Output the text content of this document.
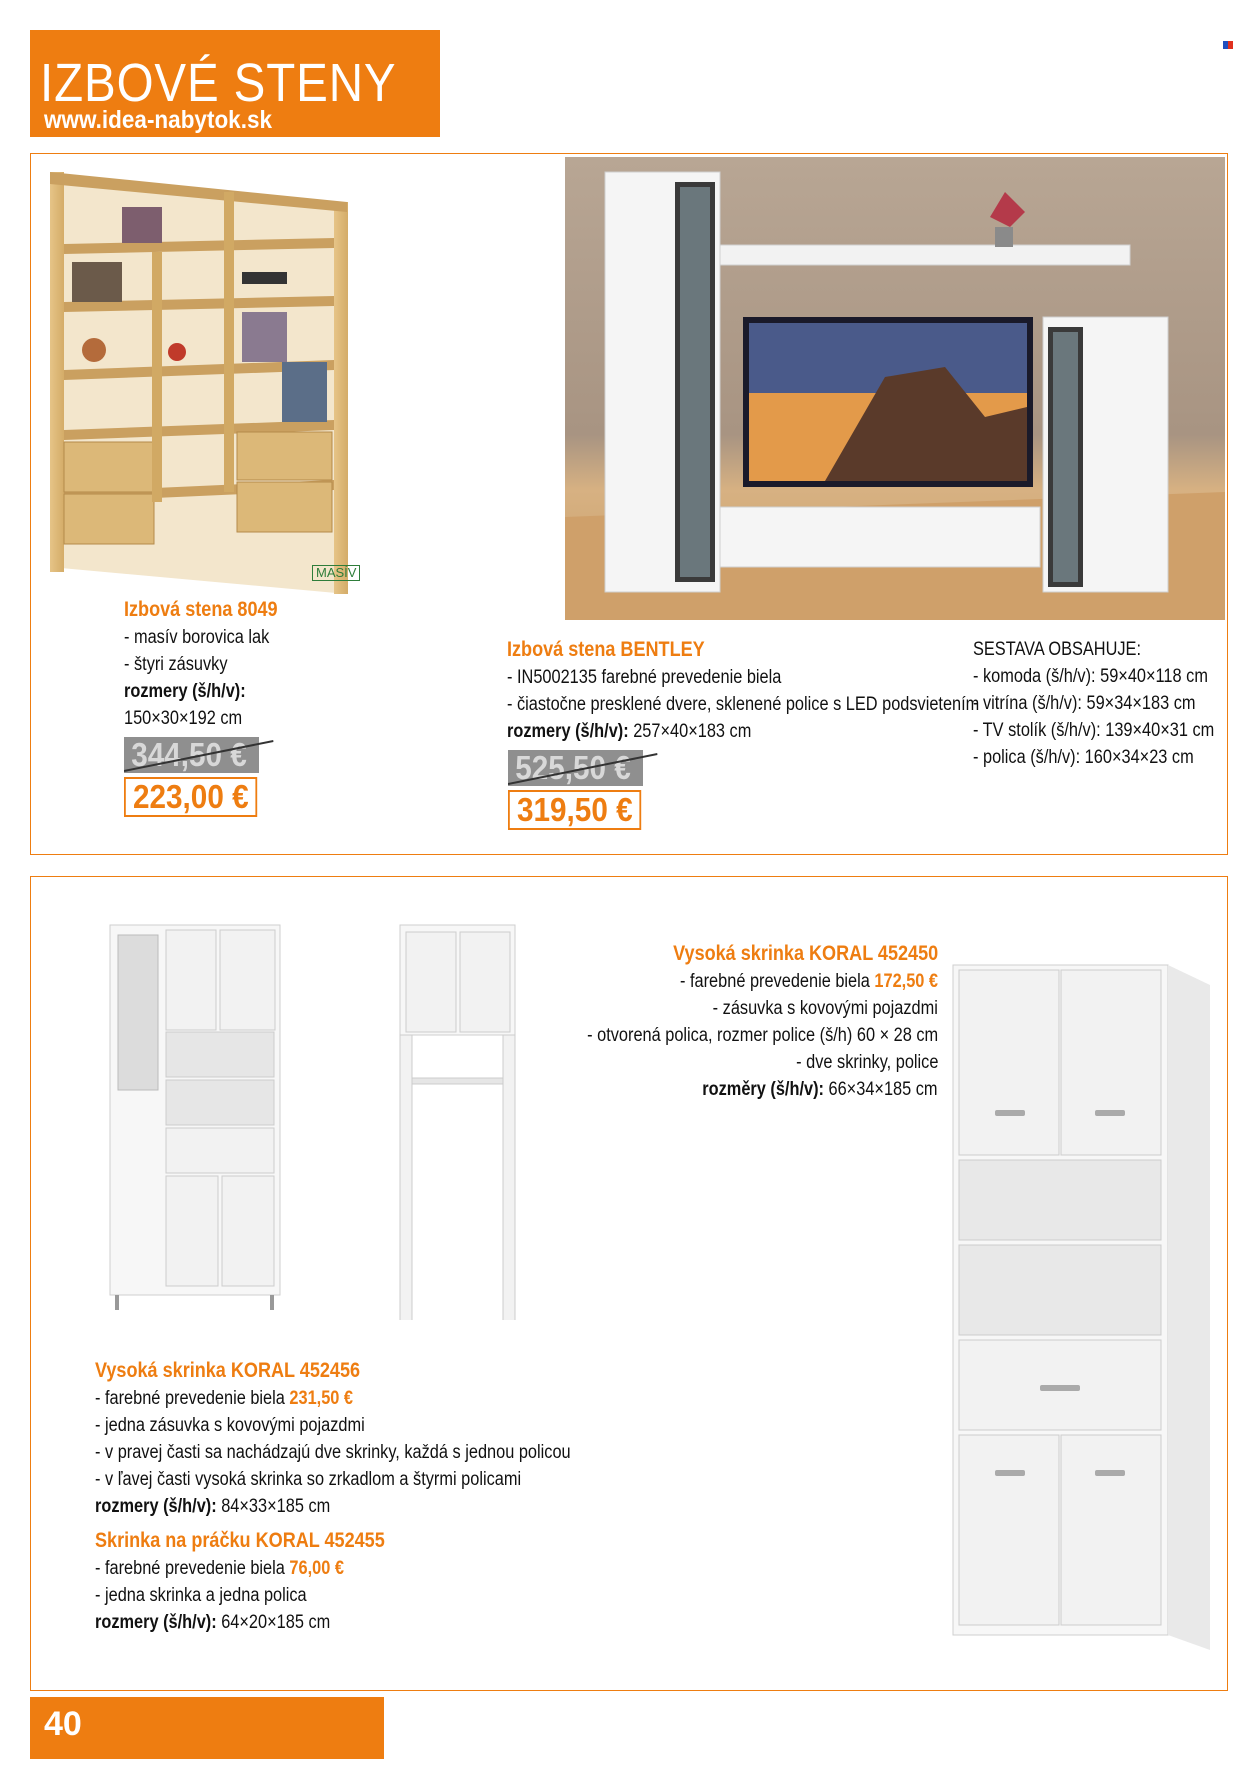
IZBOVÉ STENY
www.idea-nabytok.sk
MASÍV
Izbová stena 8049
- masív borovica lak
- štyri zásuvky
rozmery (š/h/v):
150×30×192 cm
344,50 €
223,00 €
Izbová stena BENTLEY
- IN5002135 farebné prevedenie biela
- čiastočne presklené dvere, sklenené police s LED podsvietením
rozmery (š/h/v): 257×40×183 cm
525,50 €
319,50 €
SESTAVA OBSAHUJE:
- komoda (š/h/v): 59×40×118 cm
- vitrína (š/h/v): 59×34×183 cm
- TV stolík (š/h/v): 139×40×31 cm
- polica (š/h/v): 160×34×23 cm
Vysoká skrinka KORAL 452450
- farebné prevedenie biela 172,50 €
- zásuvka s kovovými pojazdmi
- otvorená polica, rozmer police (š/h) 60 × 28 cm
- dve skrinky, police
rozměry (š/h/v): 66×34×185 cm
Vysoká skrinka KORAL 452456
- farebné prevedenie biela 231,50 €
- jedna zásuvka s kovovými pojazdmi
- v pravej časti sa nachádzajú dve skrinky, každá s jednou policou
- v ľavej časti vysoká skrinka so zrkadlom a štyrmi policami
rozmery (š/h/v): 84×33×185 cm
Skrinka na práčku KORAL 452455
- farebné prevedenie biela 76,00 €
- jedna skrinka a jedna polica
rozmery (š/h/v): 64×20×185 cm
40
